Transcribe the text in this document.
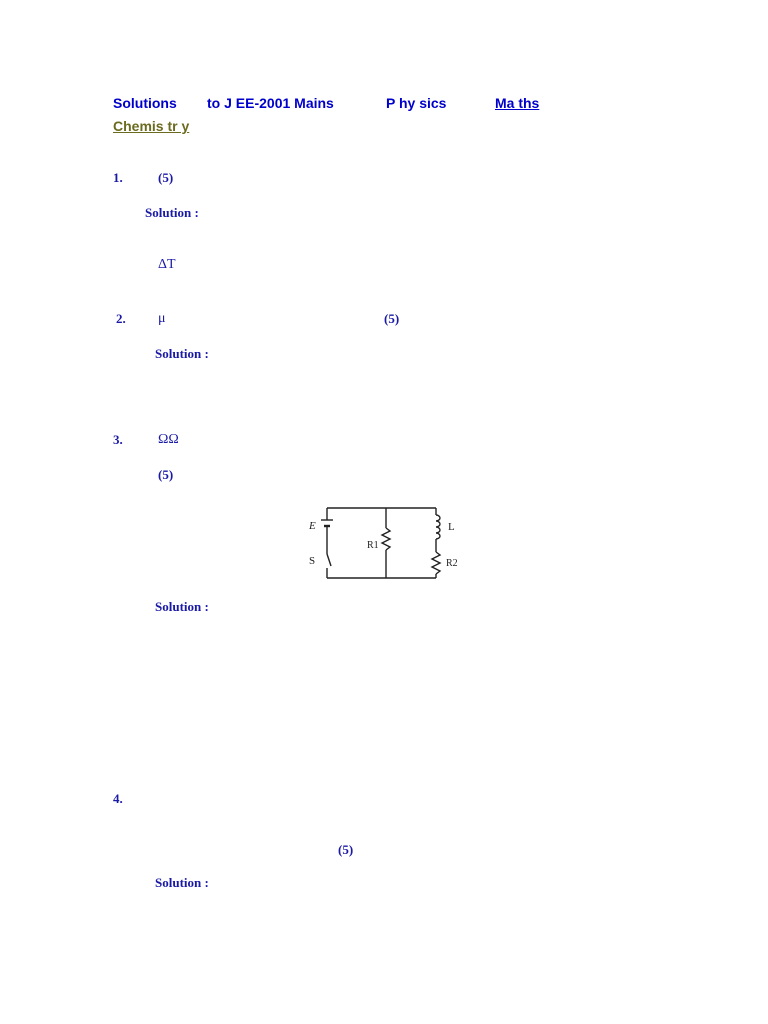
Solutions to J EE-2001 Mains	P hy sics	Ma ths
Chemis tr y
1.	(5)
Solution :
ΔT
2. μ	(5)
Solution :
3.	ΩΩ
(5)
E
S
R1
L
R2
Solution :
4.
(5)
Solution :
